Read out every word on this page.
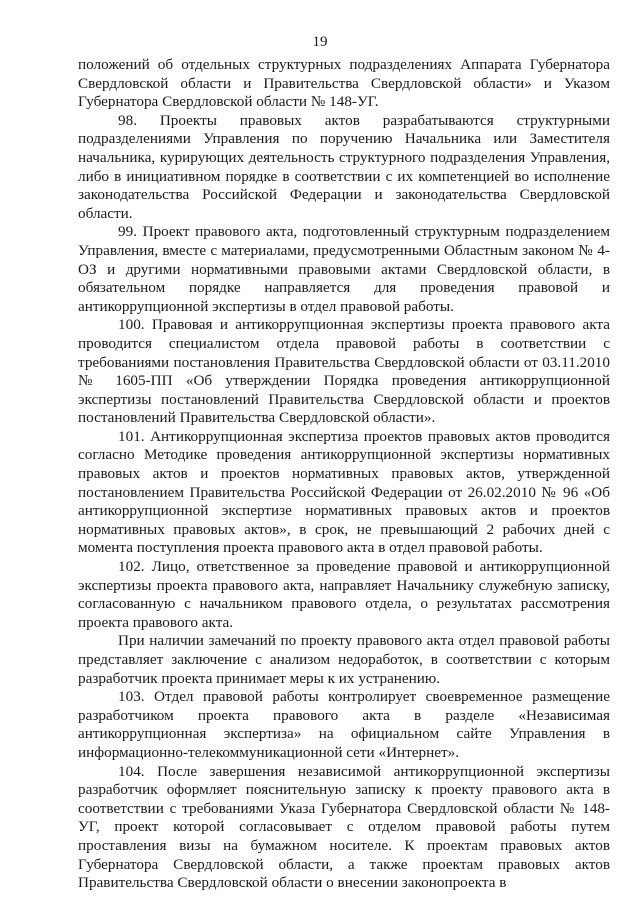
19

положений об отдельных структурных подразделениях Аппарата Губернатора Свердловской области и Правительства Свердловской области» и Указом Губернатора Свердловской области № 148-УГ.

98. Проекты правовых актов разрабатываются структурными подразделениями Управления по поручению Начальника или Заместителя начальника, курирующих деятельность структурного подразделения Управления, либо в инициативном порядке в соответствии с их компетенцией во исполнение законодательства Российской Федерации и законодательства Свердловской области.

99. Проект правового акта, подготовленный структурным подразделением Управления, вместе с материалами, предусмотренными Областным законом № 4-ОЗ и другими нормативными правовыми актами Свердловской области, в обязательном порядке направляется для проведения правовой и антикоррупционной экспертизы в отдел правовой работы.

100. Правовая и антикоррупционная экспертизы проекта правового акта проводится специалистом отдела правовой работы в соответствии с требованиями постановления Правительства Свердловской области от 03.11.2010 № 1605-ПП «Об утверждении Порядка проведения антикоррупционной экспертизы постановлений Правительства Свердловской области и проектов постановлений Правительства Свердловской области».

101. Антикоррупционная экспертиза проектов правовых актов проводится согласно Методике проведения антикоррупционной экспертизы нормативных правовых актов и проектов нормативных правовых актов, утвержденной постановлением Правительства Российской Федерации от 26.02.2010 № 96 «Об антикоррупционной экспертизе нормативных правовых актов и проектов нормативных правовых актов», в срок, не превышающий 2 рабочих дней с момента поступления проекта правового акта в отдел правовой работы.

102. Лицо, ответственное за проведение правовой и антикоррупционной экспертизы проекта правового акта, направляет Начальнику служебную записку, согласованную с начальником правового отдела, о результатах рассмотрения проекта правового акта.

При наличии замечаний по проекту правового акта отдел правовой работы представляет заключение с анализом недоработок, в соответствии с которым разработчик проекта принимает меры к их устранению.

103. Отдел правовой работы контролирует своевременное размещение разработчиком проекта правового акта в разделе «Независимая антикоррупционная экспертиза» на официальном сайте Управления в информационно-телекоммуникационной сети «Интернет».

104. После завершения независимой антикоррупционной экспертизы разработчик оформляет пояснительную записку к проекту правового акта в соответствии с требованиями Указа Губернатора Свердловской области № 148-УГ, проект которой согласовывает с отделом правовой работы путем проставления визы на бумажном носителе. К проектам правовых актов Губернатора Свердловской области, а также проектам правовых актов Правительства Свердловской области о внесении законопроекта в
